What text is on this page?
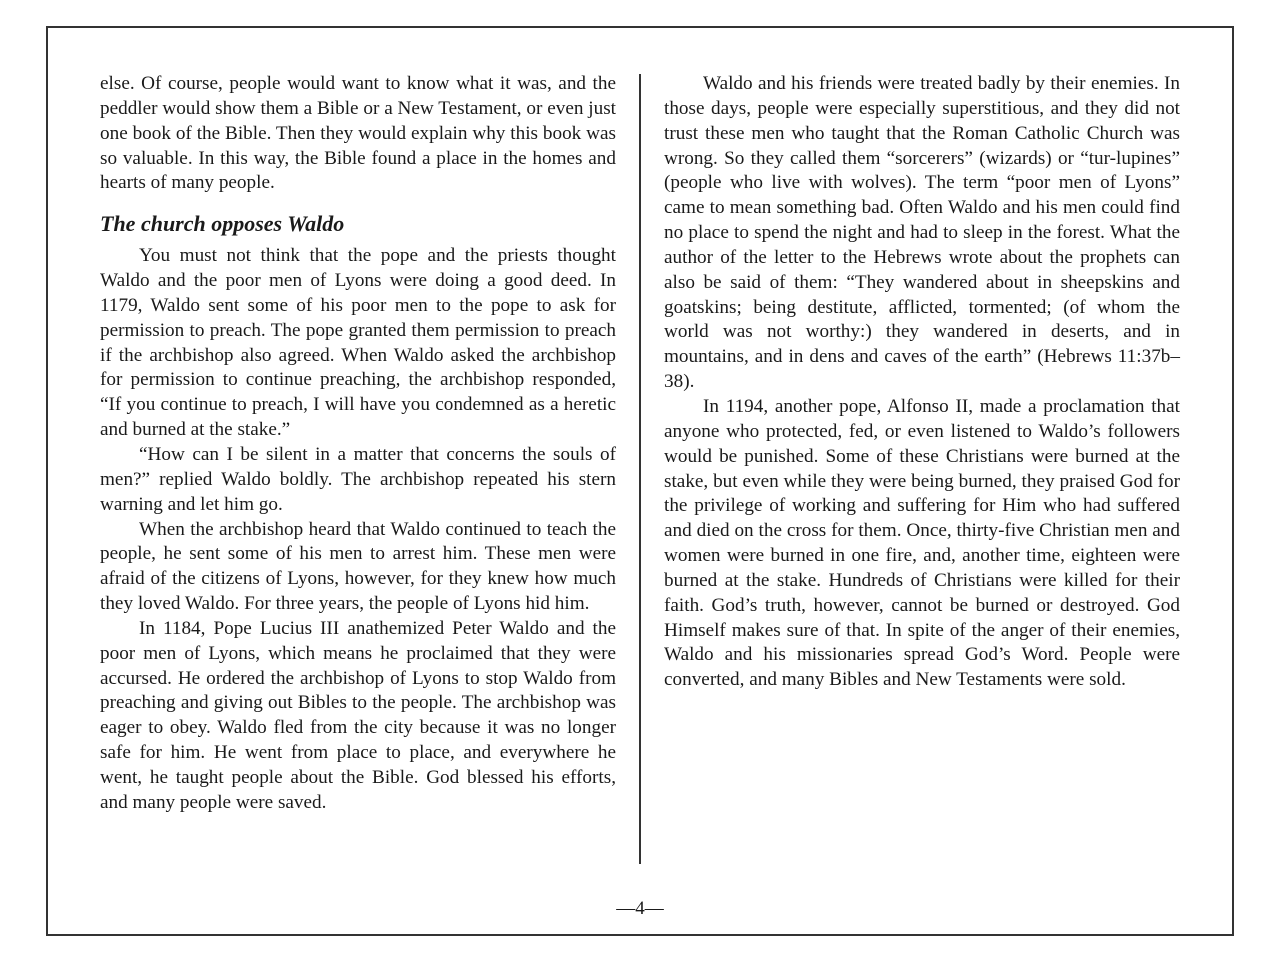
else. Of course, people would want to know what it was, and the peddler would show them a Bible or a New Testament, or even just one book of the Bible. Then they would explain why this book was so valuable. In this way, the Bible found a place in the homes and hearts of many people.

The church opposes Waldo

You must not think that the pope and the priests thought Waldo and the poor men of Lyons were doing a good deed. In 1179, Waldo sent some of his poor men to the pope to ask for permission to preach. The pope granted them permission to preach if the archbishop also agreed. When Waldo asked the archbishop for permission to continue preaching, the archbishop responded, “If you continue to preach, I will have you condemned as a heretic and burned at the stake.”

“How can I be silent in a matter that concerns the souls of men?” replied Waldo boldly. The archbishop repeated his stern warning and let him go.

When the archbishop heard that Waldo continued to teach the people, he sent some of his men to arrest him. These men were afraid of the citizens of Lyons, however, for they knew how much they loved Waldo. For three years, the people of Lyons hid him.

In 1184, Pope Lucius III anathemized Peter Waldo and the poor men of Lyons, which means he proclaimed that they were accursed. He ordered the archbishop of Lyons to stop Waldo from preaching and giving out Bibles to the people. The archbishop was eager to obey. Waldo fled from the city because it was no longer safe for him. He went from place to place, and everywhere he went, he taught people about the Bible. God blessed his efforts, and many people were saved.

Waldo and his friends were treated badly by their enemies. In those days, people were especially superstitious, and they did not trust these men who taught that the Roman Catholic Church was wrong. So they called them “sorcerers” (wizards) or “tur-lupines” (people who live with wolves). The term “poor men of Lyons” came to mean something bad. Often Waldo and his men could find no place to spend the night and had to sleep in the forest. What the author of the letter to the Hebrews wrote about the prophets can also be said of them: “They wandered about in sheepskins and goatskins; being destitute, afflicted, tormented; (of whom the world was not worthy:) they wandered in deserts, and in mountains, and in dens and caves of the earth” (Hebrews 11:37b–38).

In 1194, another pope, Alfonso II, made a proclamation that anyone who protected, fed, or even listened to Waldo’s followers would be punished. Some of these Christians were burned at the stake, but even while they were being burned, they praised God for the privilege of working and suffering for Him who had suffered and died on the cross for them. Once, thirty-five Christian men and women were burned in one fire, and, another time, eighteen were burned at the stake. Hundreds of Christians were killed for their faith. God’s truth, however, cannot be burned or destroyed. God Himself makes sure of that. In spite of the anger of their enemies, Waldo and his missionaries spread God’s Word. People were converted, and many Bibles and New Testaments were sold.

—4—
